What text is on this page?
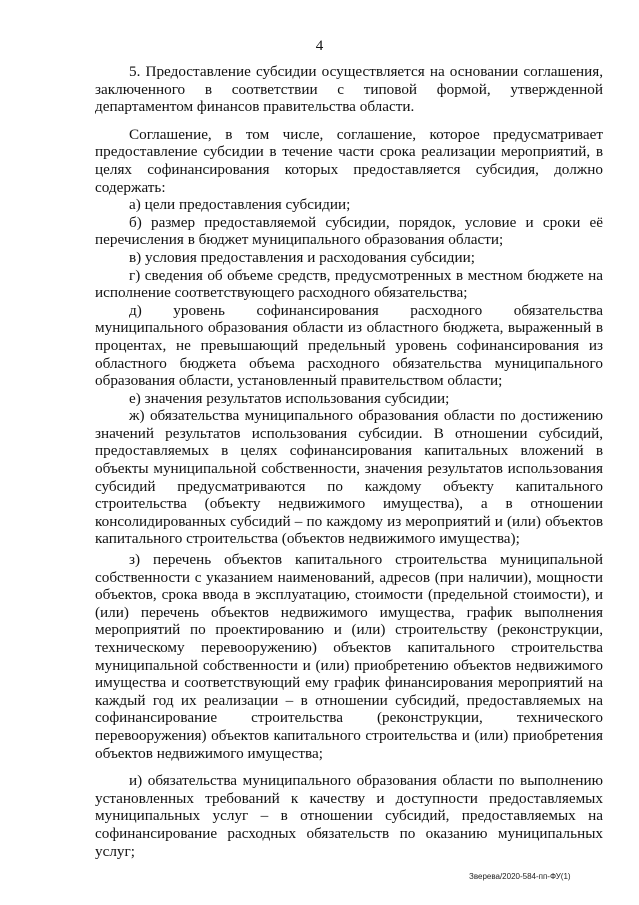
4

5. Предоставление субсидии осуществляется на основании соглашения, заключенного в соответствии с типовой формой, утвержденной департаментом финансов правительства области.

Соглашение, в том числе, соглашение, которое предусматривает предоставление субсидии в течение части срока реализации мероприятий, в целях софинансирования которых предоставляется субсидия, должно содержать:

а) цели предоставления субсидии;

б) размер предоставляемой субсидии, порядок, условие и сроки её перечисления в бюджет муниципального образования области;

в) условия предоставления и расходования субсидии;

г) сведения об объеме средств, предусмотренных в местном бюджете на исполнение соответствующего расходного обязательства;

д) уровень софинансирования расходного обязательства муниципального образования области из областного бюджета, выраженный в процентах, не превышающий предельный уровень софинансирования из областного бюджета объема расходного обязательства муниципального образования области, установленный правительством области;

е) значения результатов использования субсидии;

ж) обязательства муниципального образования области по достижению значений результатов использования субсидии. В отношении субсидий, предоставляемых в целях софинансирования капитальных вложений в объекты муниципальной собственности, значения результатов использования субсидий предусматриваются по каждому объекту капитального строительства (объекту недвижимого имущества), а в отношении консолидированных субсидий – по каждому из мероприятий и (или) объектов капитального строительства (объектов недвижимого имущества);

з) перечень объектов капитального строительства муниципальной собственности с указанием наименований, адресов (при наличии), мощности объектов, срока ввода в эксплуатацию, стоимости (предельной стоимости), и (или) перечень объектов недвижимого имущества, график выполнения мероприятий по проектированию и (или) строительству (реконструкции, техническому перевооружению) объектов капитального строительства муниципальной собственности и (или) приобретению объектов недвижимого имущества и соответствующий ему график финансирования мероприятий на каждый год их реализации – в отношении субсидий, предоставляемых на софинансирование строительства (реконструкции, технического перевооружения) объектов капитального строительства и (или) приобретения объектов недвижимого имущества;

и) обязательства муниципального образования области по выполнению установленных требований к качеству и доступности предоставляемых муниципальных услуг – в отношении субсидий, предоставляемых на софинансирование расходных обязательств по оказанию муниципальных услуг;

Зверева/2020-584-пп-ФУ(1)
